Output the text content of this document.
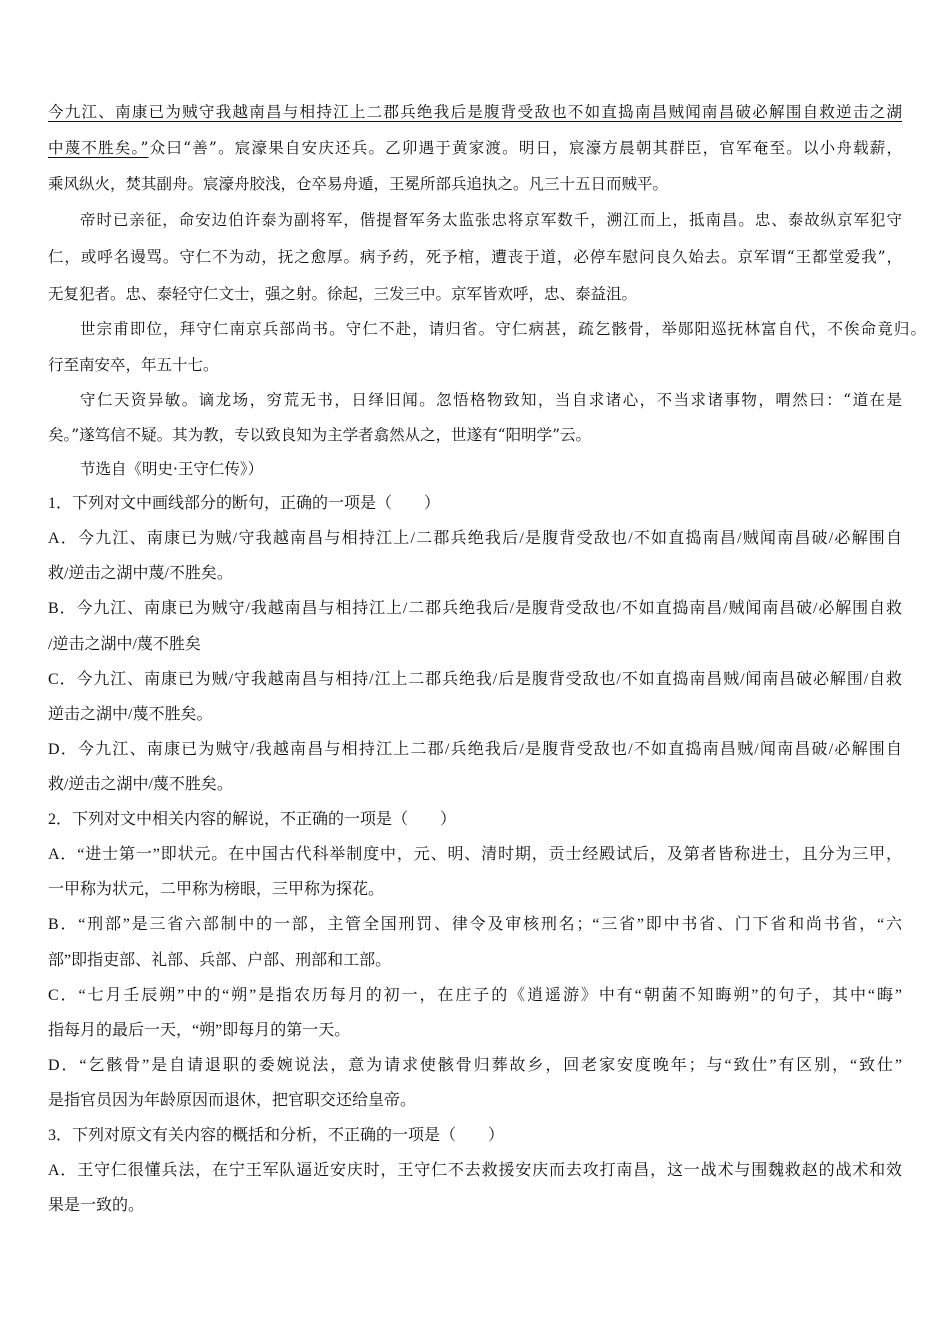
今九江、南康已为贼守我越南昌与相持江上二郡兵绝我后是腹背受敌也不如直捣南昌贼闻南昌破必解围自救逆击之湖
中蔑不胜矣。”众曰“善”。宸濠果自安庆还兵。乙卯遇于黄家渡。明日，宸濠方晨朝其群臣，官军奄至。以小舟载薪，
乘风纵火，焚其副舟。宸濠舟胶浅，仓卒易舟遁，王冕所部兵追执之。凡三十五日而贼平。
帝时已亲征，命安边伯许泰为副将军，偕提督军务太监张忠将京军数千，溯江而上，抵南昌。忠、泰故纵京军犯守
仁，或呼名谩骂。守仁不为动，抚之愈厚。病予药，死予棺，遭丧于道，必停车慰问良久始去。京军谓“王都堂爱我”，
无复犯者。忠、泰轻守仁文士，强之射。徐起，三发三中。京军皆欢呼，忠、泰益沮。
世宗甫即位，拜守仁南京兵部尚书。守仁不赴，请归省。守仁病甚，疏乞骸骨，举郧阳巡抚林富自代，不俟命竟归。
行至南安卒，年五十七。
守仁天资异敏。谪龙场，穷荒无书，日绎旧闻。忽悟格物致知，当自求诸心，不当求诸事物，喟然曰：“道在是
矣。”遂笃信不疑。其为教，专以致良知为主学者翕然从之，世遂有“阳明学”云。
节选自《明史·王守仁传》）
1．下列对文中画线部分的断句，正确的一项是（　　）
A．今九江、南康已为贼/守我越南昌与相持江上/二郡兵绝我后/是腹背受敌也/不如直捣南昌/贼闻南昌破/必解围自
救/逆击之湖中蔑/不胜矣。
B．今九江、南康已为贼守/我越南昌与相持江上/二郡兵绝我后/是腹背受敌也/不如直捣南昌/贼闻南昌破/必解围自救
/逆击之湖中/蔑不胜矣
C．今九江、南康已为贼/守我越南昌与相持/江上二郡兵绝我/后是腹背受敌也/不如直捣南昌贼/闻南昌破必解围/自救
逆击之湖中/蔑不胜矣。
D．今九江、南康已为贼守/我越南昌与相持江上二郡/兵绝我后/是腹背受敌也/不如直捣南昌贼/闻南昌破/必解围自
救/逆击之湖中/蔑不胜矣。
2．下列对文中相关内容的解说，不正确的一项是（　　）
A．“进士第一”即状元。在中国古代科举制度中，元、明、清时期，贡士经殿试后，及第者皆称进士，且分为三甲，
一甲称为状元，二甲称为榜眼，三甲称为探花。
B．“刑部”是三省六部制中的一部，主管全国刑罚、律令及审核刑名；“三省”即中书省、门下省和尚书省，“六
部”即指吏部、礼部、兵部、户部、刑部和工部。
C．“七月壬辰朔”中的“朔”是指农历每月的初一，在庄子的《逍遥游》中有“朝菌不知晦朔”的句子，其中“晦”
指每月的最后一天，“朔”即每月的第一天。
D．“乞骸骨”是自请退职的委婉说法，意为请求使骸骨归葬故乡，回老家安度晚年；与“致仕”有区别，“致仕”
是指官员因为年龄原因而退休，把官职交还给皇帝。
3．下列对原文有关内容的概括和分析，不正确的一项是（　　）
A．王守仁很懂兵法，在宁王军队逼近安庆时，王守仁不去救援安庆而去攻打南昌，这一战术与围魏救赵的战术和效
果是一致的。
